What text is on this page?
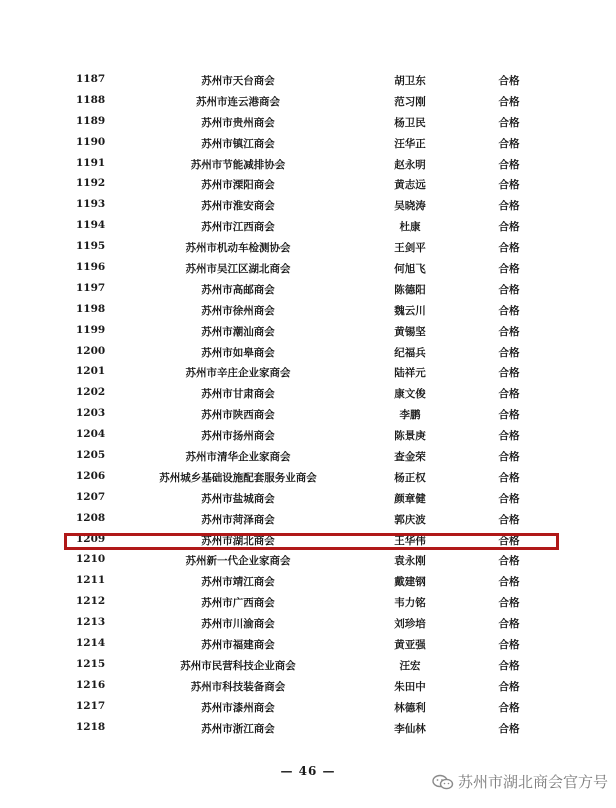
1187	苏州市天台商会	胡卫东	合格
1188	苏州市连云港商会	范习刚	合格
1189	苏州市贵州商会	杨卫民	合格
1190	苏州市镇江商会	汪华正	合格
1191	苏州市节能减排协会	赵永明	合格
1192	苏州市溧阳商会	黄志远	合格
1193	苏州市淮安商会	吴晓涛	合格
1194	苏州市江西商会	杜康	合格
1195	苏州市机动车检测协会	王剑平	合格
1196	苏州市吴江区湖北商会	何旭飞	合格
1197	苏州市高邮商会	陈德阳	合格
1198	苏州市徐州商会	魏云川	合格
1199	苏州市潮汕商会	黄锡坚	合格
1200	苏州市如皋商会	纪福兵	合格
1201	苏州市辛庄企业家商会	陆祥元	合格
1202	苏州市甘肃商会	康文俊	合格
1203	苏州市陕西商会	李鹏	合格
1204	苏州市扬州商会	陈景庚	合格
1205	苏州市清华企业家商会	查金荣	合格
1206	苏州城乡基础设施配套服务业商会	杨正权	合格
1207	苏州市盐城商会	颜章健	合格
1208	苏州市菏泽商会	郭庆波	合格
1209	苏州市湖北商会	王华伟	合格
1210	苏州新一代企业家商会	袁永刚	合格
1211	苏州市靖江商会	戴建钢	合格
1212	苏州市广西商会	韦力铭	合格
1213	苏州市川渝商会	刘珍培	合格
1214	苏州市福建商会	黄亚强	合格
1215	苏州市民营科技企业商会	汪宏	合格
1216	苏州市科技装备商会	朱田中	合格
1217	苏州市漆州商会	林德利	合格
1218	苏州市浙江商会	李仙林	合格
— 46 —
苏州市湖北商会官方号
